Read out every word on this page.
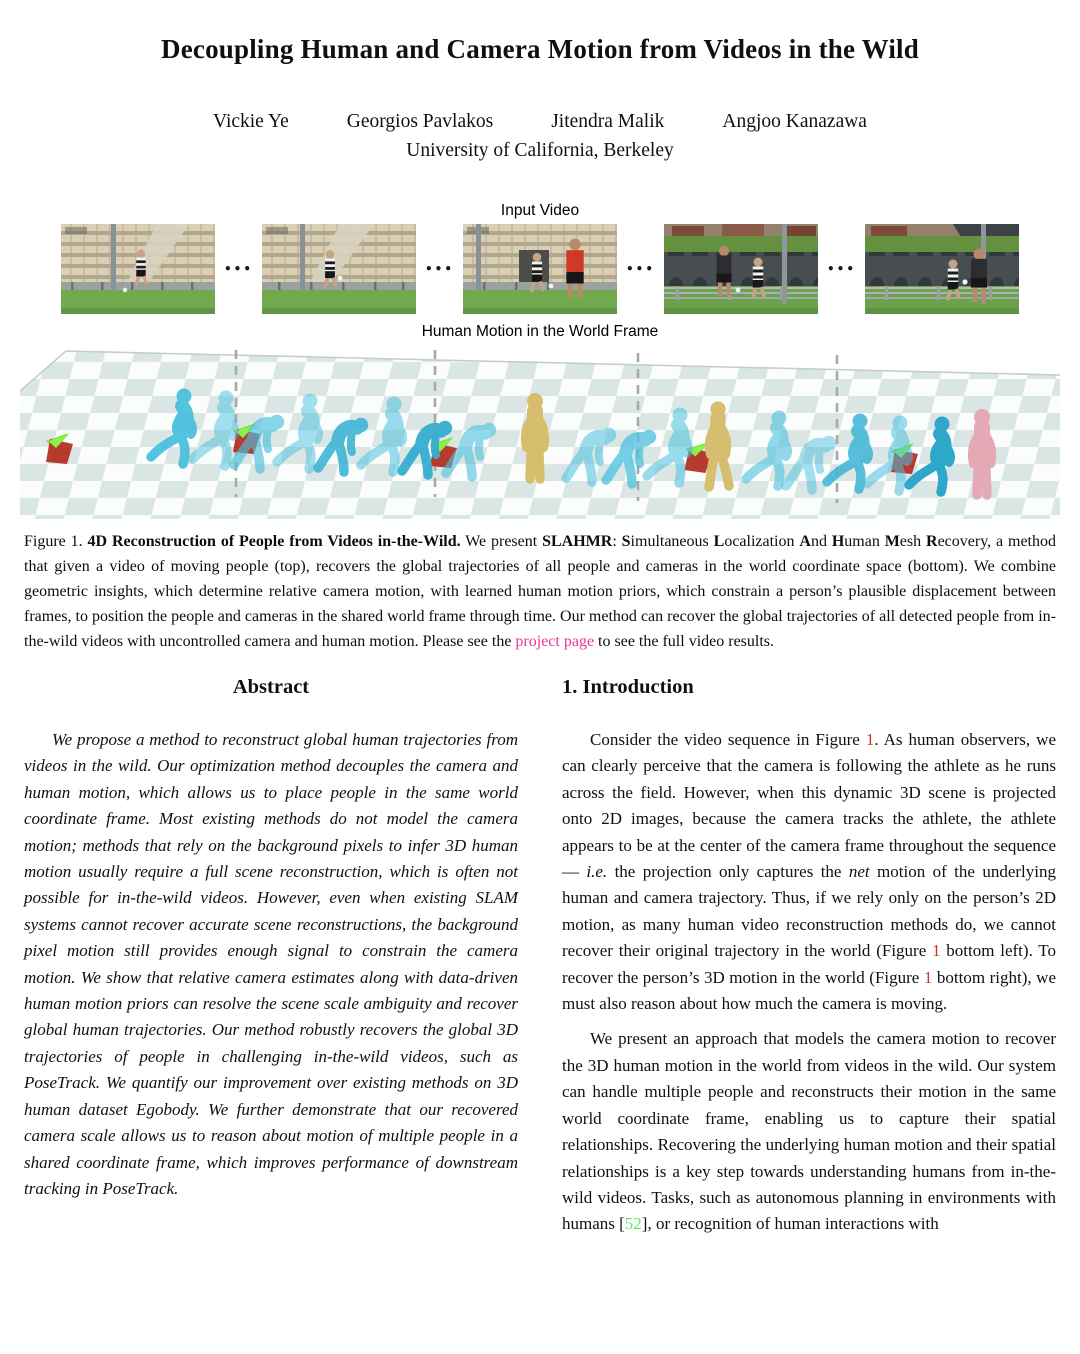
Decoupling Human and Camera Motion from Videos in the Wild
Vickie Ye	Georgios Pavlakos	Jitendra Malik	Angjoo Kanazawa
University of California, Berkeley
Input Video
•••	•••	•••	•••
Human Motion in the World Frame

Figure 1. 4D Reconstruction of People from Videos in-the-Wild. We present SLAHMR: Simultaneous Localization And Human Mesh Recovery, a method that given a video of moving people (top), recovers the global trajectories of all people and cameras in the world coordinate space (bottom). We combine geometric insights, which determine relative camera motion, with learned human motion priors, which constrain a person’s plausible displacement between frames, to position the people and cameras in the shared world frame through time. Our method can recover the global trajectories of all detected people from in-the-wild videos with uncontrolled camera and human motion. Please see the project page to see the full video results.

Abstract

We propose a method to reconstruct global human trajectories from videos in the wild. Our optimization method decouples the camera and human motion, which allows us to place people in the same world coordinate frame. Most existing methods do not model the camera motion; methods that rely on the background pixels to infer 3D human motion usually require a full scene reconstruction, which is often not possible for in-the-wild videos. However, even when existing SLAM systems cannot recover accurate scene reconstructions, the background pixel motion still provides enough signal to constrain the camera motion. We show that relative camera estimates along with data-driven human motion priors can resolve the scene scale ambiguity and recover global human trajectories. Our method robustly recovers the global 3D trajectories of people in challenging in-the-wild videos, such as PoseTrack. We quantify our improvement over existing methods on 3D human dataset Egobody. We further demonstrate that our recovered camera scale allows us to reason about motion of multiple people in a shared coordinate frame, which improves performance of downstream tracking in PoseTrack.

1. Introduction

Consider the video sequence in Figure 1. As human observers, we can clearly perceive that the camera is following the athlete as he runs across the field. However, when this dynamic 3D scene is projected onto 2D images, because the camera tracks the athlete, the athlete appears to be at the center of the camera frame throughout the sequence — i.e. the projection only captures the net motion of the underlying human and camera trajectory. Thus, if we rely only on the person’s 2D motion, as many human video reconstruction methods do, we cannot recover their original trajectory in the world (Figure 1 bottom left). To recover the person’s 3D motion in the world (Figure 1 bottom right), we must also reason about how much the camera is moving.

We present an approach that models the camera motion to recover the 3D human motion in the world from videos in the wild. Our system can handle multiple people and reconstructs their motion in the same world coordinate frame, enabling us to capture their spatial relationships. Recovering the underlying human motion and their spatial relationships is a key step towards understanding humans from in-the-wild videos. Tasks, such as autonomous planning in environments with humans [52], or recognition of human interactions with
